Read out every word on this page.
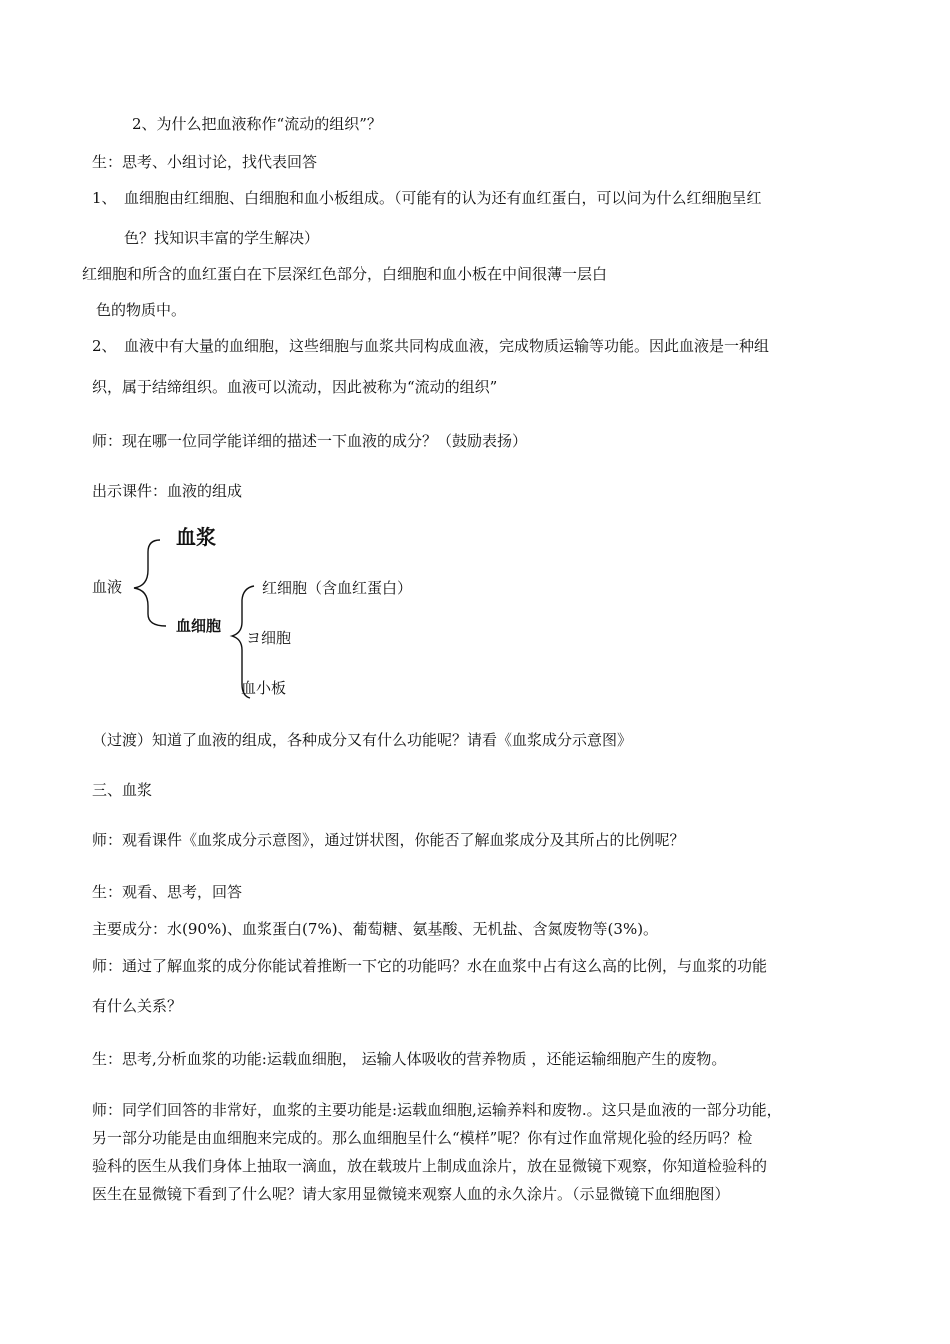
2、为什么把血液称作“流动的组织”？
生：思考、小组讨论，找代表回答
1、 血细胞由红细胞、白细胞和血小板组成。（可能有的认为还有血红蛋白，可以问为什么红细胞呈红
色？找知识丰富的学生解决）
红细胞和所含的血红蛋白在下层深红色部分，白细胞和血小板在中间很薄一层白
色的物质中。
2、 血液中有大量的血细胞，这些细胞与血浆共同构成血液，完成物质运输等功能。因此血液是一种组
织，属于结缔组织。血液可以流动，因此被称为“流动的组织”
师：现在哪一位同学能详细的描述一下血液的成分？（鼓励表扬）
出示课件：血液的组成
血液
血浆
血细胞
红细胞（含血红蛋白）
ヨ细胞
血小板
（过渡）知道了血液的组成，各种成分又有什么功能呢？请看《血浆成分示意图》
三、血浆
师：观看课件《血浆成分示意图》，通过饼状图，你能否了解血浆成分及其所占的比例呢？
生：观看、思考，回答
主要成分：水(90%)、血浆蛋白(7%)、葡萄糖、氨基酸、无机盐、含氮废物等(3%)。
师：通过了解血浆的成分你能试着推断一下它的功能吗？水在血浆中占有这么高的比例，与血浆的功能
有什么关系？
生：思考,分析血浆的功能:运载血细胞， 运输人体吸收的营养物质 ，还能运输细胞产生的废物。
师：同学们回答的非常好，血浆的主要功能是:运载血细胞,运输养料和废物.。这只是血液的一部分功能，
另一部分功能是由血细胞来完成的。那么血细胞呈什么“模样”呢？你有过作血常规化验的经历吗？检
验科的医生从我们身体上抽取一滴血，放在载玻片上制成血涂片，放在显微镜下观察，你知道检验科的
医生在显微镜下看到了什么呢？请大家用显微镜来观察人血的永久涂片。（示显微镜下血细胞图）
